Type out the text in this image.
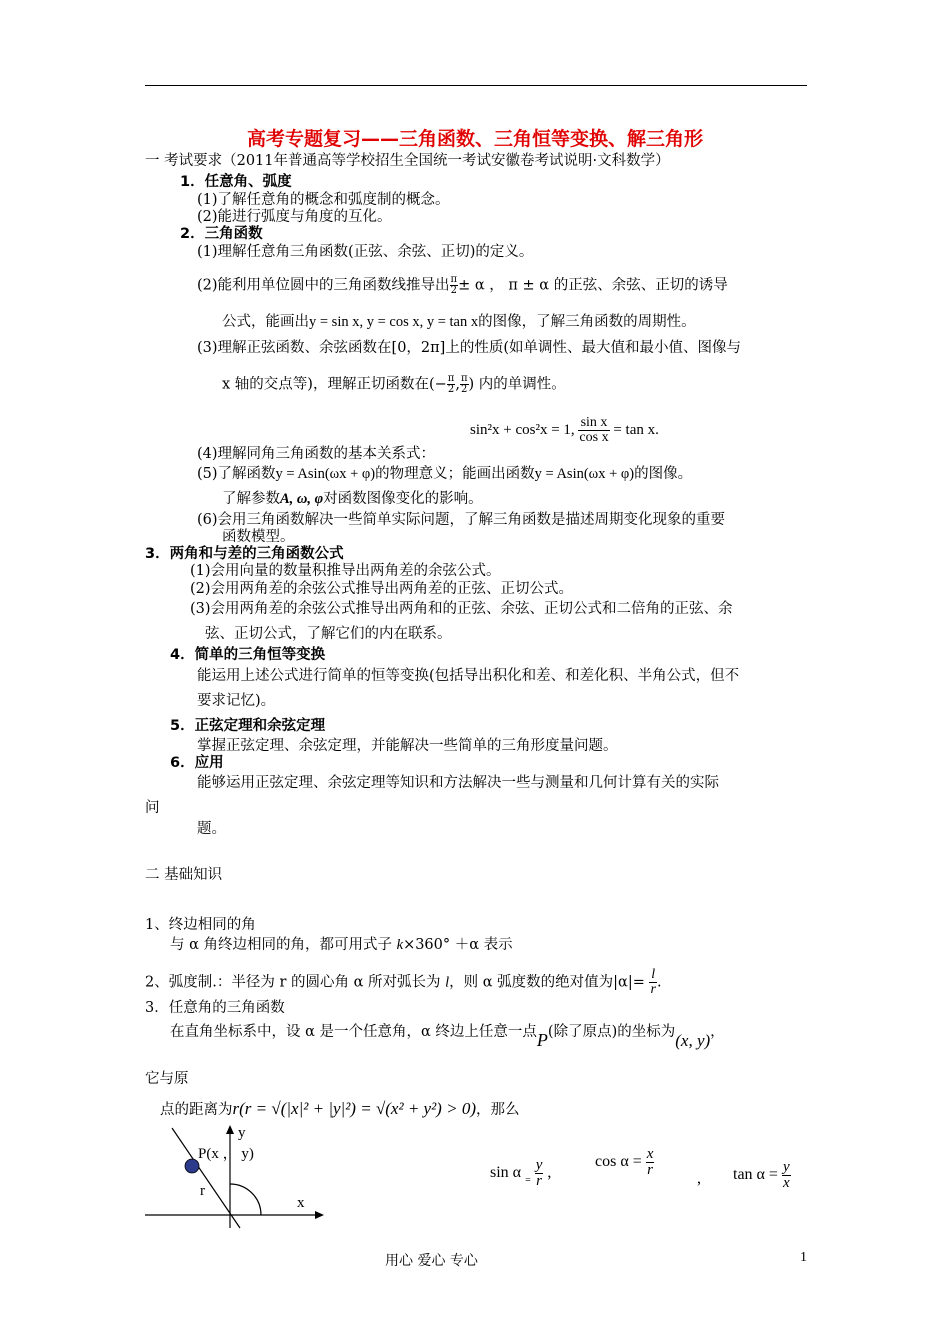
高考专题复习——三角函数、三角恒等变换、解三角形
一 考试要求（2011年普通高等学校招生全国统一考试安徽卷考试说明·文科数学）
1．任意角、弧度
(1)了解任意角的概念和弧度制的概念。
(2)能进行弧度与角度的互化。
2．三角函数
(1)理解任意角三角函数(正弦、余弦、正切)的定义。
(2)能利用单位圆中的三角函数线推导出 $\frac{\pi}{2} \pm \alpha$ ， π ± α 的正弦、余弦、正切的诱导
公式，能画出y = sin x, y = cos x, y = tan x的图像，了解三角函数的周期性。
(3)理解正弦函数、余弦函数在[0，2π]上的性质(如单调性、最大值和最小值、图像与
x 轴的交点等)，理解正切函数在(− $\frac{\pi}{2}$ , $\frac{\pi}{2}$ ) 内的单调性。
sin²x + cos²x = 1, $\frac{\text{sin x}}{\text{cos x}} = \tan x$.
(4)理解同角三角函数的基本关系式：
(5)了解函数y = Asin(ωx + φ)的物理意义；能画出函数y = Asin(ωx + φ)的图像。
了解参数A, ω, φ对函数图像变化的影响。
(6)会用三角函数解决一些简单实际问题，了解三角函数是描述周期变化现象的重要
函数模型。
3．两角和与差的三角函数公式
(1)会用向量的数量积推导出两角差的余弦公式。
(2)会用两角差的余弦公式推导出两角差的正弦、正切公式。
(3)会用两角差的余弦公式推导出两角和的正弦、余弦、正切公式和二倍角的正弦、余
弦、正切公式，了解它们的内在联系。
4．简单的三角恒等变换
能运用上述公式进行简单的恒等变换(包括导出积化和差、和差化积、半角公式，但不
要求记忆)。
5．正弦定理和余弦定理
掌握正弦定理、余弦定理，并能解决一些简单的三角形度量问题。
6．应用
能够运用正弦定理、余弦定理等知识和方法解决一些与测量和几何计算有关的实际
问
题。
二 基础知识
1、终边相同的角
与 α 角终边相同的角，都可用式子 k×360° ＋α 表示
2、弧度制.：半径为 r 的圆心角 α 所对弧长为 l，则 α 弧度数的绝对值为$|\alpha|= \frac{l}{r}$ .
3．任意角的三角函数
在直角坐标系中，设 α 是一个任意角，α 终边上任意一点P(除了原点)的坐标为(x, y)，
它与原
点的距离为r(r = √(|x|² + |y|²) = √(x² + y²) > 0)，那么
y
x
P(x ， y)
r
sin α $_= \frac{y}{r}$ ,
$\cos \alpha = \frac{x}{r}$
, $\tan \alpha = \frac{y}{x}$
用心 爱心 专心	1
